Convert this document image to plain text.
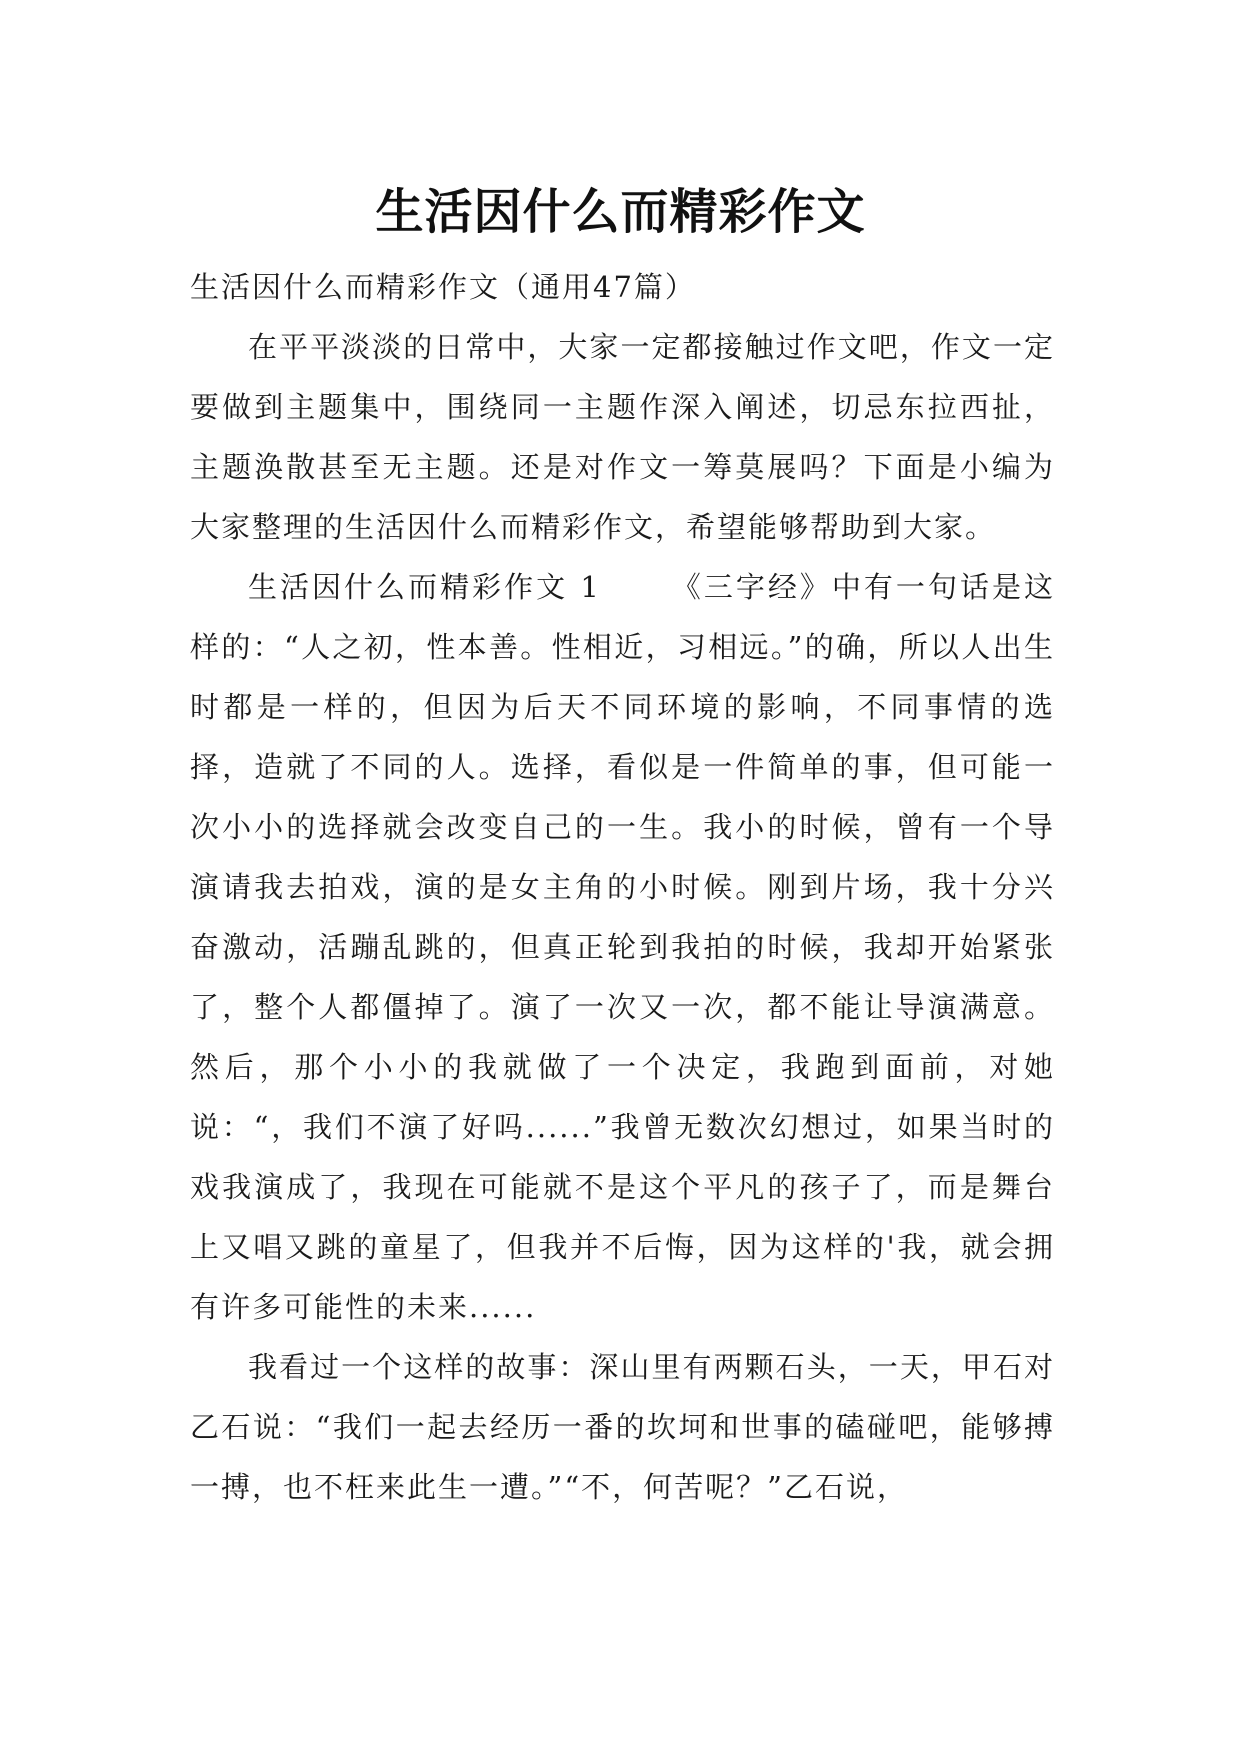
生活因什么而精彩作文

生活因什么而精彩作文（通用47篇）

在平平淡淡的日常中，大家一定都接触过作文吧，作文一定要做到主题集中，围绕同一主题作深入阐述，切忌东拉西扯，主题涣散甚至无主题。还是对作文一筹莫展吗？下面是小编为大家整理的生活因什么而精彩作文，希望能够帮助到大家。

生活因什么而精彩作文 1 《三字经》中有一句话是这样的：“人之初，性本善。性相近，习相远。”的确，所以人出生时都是一样的，但因为后天不同环境的影响，不同事情的选择，造就了不同的人。选择，看似是一件简单的事，但可能一次小小的选择就会改变自己的一生。我小的时候，曾有一个导演请我去拍戏，演的是女主角的小时候。刚到片场，我十分兴奋激动，活蹦乱跳的，但真正轮到我拍的时候，我却开始紧张了，整个人都僵掉了。演了一次又一次，都不能让导演满意。然后，那个小小的我就做了一个决定，我跑到面前，对她说：“，我们不演了好吗......”我曾无数次幻想过，如果当时的戏我演成了，我现在可能就不是这个平凡的孩子了，而是舞台上又唱又跳的童星了，但我并不后悔，因为这样的'我，就会拥有许多可能性的未来......

我看过一个这样的故事：深山里有两颗石头，一天，甲石对乙石说：“我们一起去经历一番的坎坷和世事的磕碰吧，能够搏一搏，也不枉来此生一遭。”“不，何苦呢？”乙石说，
